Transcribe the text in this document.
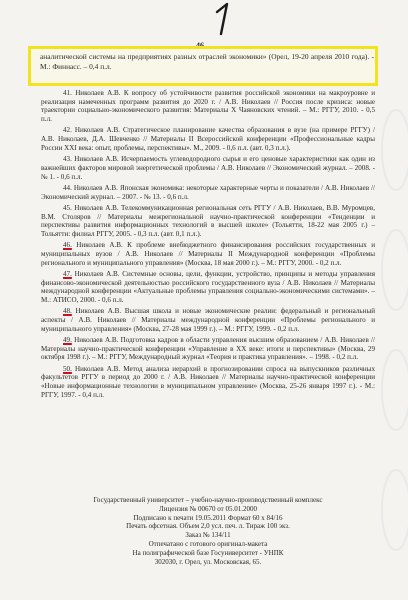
46
аналитической системы на предприятиях разных отраслей экономики» (Орел, 19-20 апреля 2010 года). - М.: Финнасс. – 0,4 п.л.

41. Николаев А.В. К вопросу об устойчивости развития российской экономики на макроуровне и реализация намеченных программ развития до 2020 г. / А.В. Николаев // Россия после кризиса: новые траектории социально-экономического развития: Материалы X Чаяновских чтений. – М.: РГГУ, 2010. - 0,5 п.л.

42. Николаев А.В. Стратегическое планирование качества образования в вузе (на примере РГГУ) / А.В. Николаев, Д.А. Шевченко // Материалы II Всероссийской конференции «Профессиональные кадры России XXI века: опыт, проблемы, перспективы». М., 2009. - 0,6 п.л. (авт. 0,3 п.л.).

43. Николаев А.В. Исчерпаемость углеводородного сырья и его ценовые характеристики как один из важнейших факторов мировой энергетической проблемы / А.В. Николаев // Экономический журнал. – 2008. - № 1. - 0,6 п.л.

44. Николаев А.В. Японская экономика: некоторые характерные черты и показатели / А.В. Николаев // Экономический журнал. – 2007. - № 13. - 0,6 п.л.

45. Николаев А.В. Телекоммуникационная региональная сеть РГГУ / А.В. Николаев, В.В. Муромцев, В.М. Столяров // Материалы межрегиональной научно-практической конференции «Тенденции и перспективы развития информационных технологий в высшей школе» (Тольятти, 18-22 мая 2005 г.) – Тольятти: филиал РГГУ, 2005. - 0,3 п.л. (авт. 0,1 п.л.).

46. Николаев А.В. К проблеме внебюджетного финансирования российских государственных и муниципальных вузов / А.В. Николаев // Материалы II Международной конференции «Проблемы регионального и муниципального управления» (Москва, 18 мая 2000 г.). – М.: РГГУ, 2000. - 0,2 п.л.

47. Николаев А.В. Системные основы, цели, функции, устройство, принципы и методы управления финансово-экономической деятельностью российского государственного вуза / А.В. Николаев // Материалы международной конференции «Актуальные проблемы управления социально-экономическими системами». – М.: АТИСО, 2000. - 0,6 п.л.

48. Николаев А.В. Высшая школа и новые экономические реалии: федеральный и региональный аспекты / А.В. Николаев // Материалы международной конференции «Проблемы регионального и муниципального управления» (Москва, 27-28 мая 1999 г.). – М.: РГГУ, 1999. - 0,2 п.л.

49. Николаев А.В. Подготовка кадров в области управления высшим образованием / А.В. Николаев // Материалы научно-практической конференции «Управление в XX веке: итоги и перспективы» (Москва, 29 октября 1998 г.). – М.: РГГУ, Международный журнал «Теория и практика управления». – 1998. - 0,2 п.л.

50. Николаев А.В. Метод анализа иерархий в прогнозировании спроса на выпускников различных факультетов РГГУ в период до 2000 г. / А.В. Николаев // Материалы научно-практической конференции «Новые информационные технологии в муниципальном управлении» (Москва, 25-26 января 1997 г.). - М.: РГГУ, 1997. - 0,4 п.л.

Государственный университет – учебно-научно-производственный комплекс
Лицензия № 00670 от 05.01.2000
Подписано к печати 19.05.2011 Формат 60 x 84/16
Печать офсетная. Объем 2,0 усл. печ. л. Тираж 100 экз.
Заказ № 134/11
Отпечатано с готового оригинал-макета
На полиграфической базе Госуниверситет - УНПК
302030, г. Орел, ул. Московская, 65.
